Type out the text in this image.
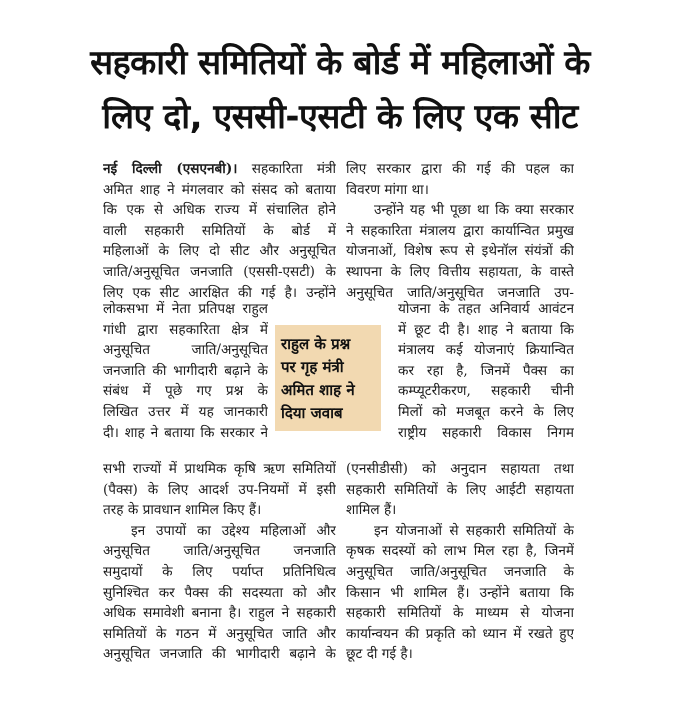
सहकारी समितियों के बोर्ड में महिलाओं के
लिए दो, एससी-एसटी के लिए एक सीट
नई दिल्ली (एसएनबी)। सहकारिता मंत्री
अमित शाह ने मंगलवार को संसद को बताया
कि एक से अधिक राज्य में संचालित होने
वाली सहकारी समितियों के बोर्ड में
महिलाओं के लिए दो सीट और अनुसूचित
जाति/अनुसूचित जनजाति (एससी-एसटी) के
लिए एक सीट आरक्षित की गई है। उन्होंने
लोकसभा में नेता प्रतिपक्ष राहुल
गांधी द्वारा सहकारिता क्षेत्र में
अनुसूचित जाति/अनुसूचित
जनजाति की भागीदारी बढ़ाने के
संबंध में पूछे गए प्रश्न के
लिखित उत्तर में यह जानकारी
दी। शाह ने बताया कि सरकार ने
सभी राज्यों में प्राथमिक कृषि ऋण समितियों
(पैक्स) के लिए आदर्श उप-नियमों में इसी
तरह के प्रावधान शामिल किए हैं।
इन उपायों का उद्देश्य महिलाओं और
अनुसूचित जाति/अनुसूचित जनजाति
समुदायों के लिए पर्याप्त प्रतिनिधित्व
सुनिश्चित कर पैक्स की सदस्यता को और
अधिक समावेशी बनाना है। राहुल ने सहकारी
समितियों के गठन में अनुसूचित जाति और
अनुसूचित जनजाति की भागीदारी बढ़ाने के
राहुल के प्रश्न
पर गृह मंत्री
अमित शाह ने
दिया जवाब
लिए सरकार द्वारा की गई की पहल का
विवरण मांगा था।
उन्होंने यह भी पूछा था कि क्या सरकार
ने सहकारिता मंत्रालय द्वारा कार्यान्वित प्रमुख
योजनाओं, विशेष रूप से इथेनॉल संयंत्रों की
स्थापना के लिए वित्तीय सहायता, के वास्ते
अनुसूचित जाति/अनुसूचित जनजाति उप-
योजना के तहत अनिवार्य आवंटन
में छूट दी है। शाह ने बताया कि
मंत्रालय कई योजनाएं क्रियान्वित
कर रहा है, जिनमें पैक्स का
कम्प्यूटरीकरण, सहकारी चीनी
मिलों को मजबूत करने के लिए
राष्ट्रीय सहकारी विकास निगम
(एनसीडीसी) को अनुदान सहायता तथा
सहकारी समितियों के लिए आईटी सहायता
शामिल हैं।
इन योजनाओं से सहकारी समितियों के
कृषक सदस्यों को लाभ मिल रहा है, जिनमें
अनुसूचित जाति/अनुसूचित जनजाति के
किसान भी शामिल हैं। उन्होंने बताया कि
सहकारी समितियों के माध्यम से योजना
कार्यान्वयन की प्रकृति को ध्यान में रखते हुए
छूट दी गई है।
